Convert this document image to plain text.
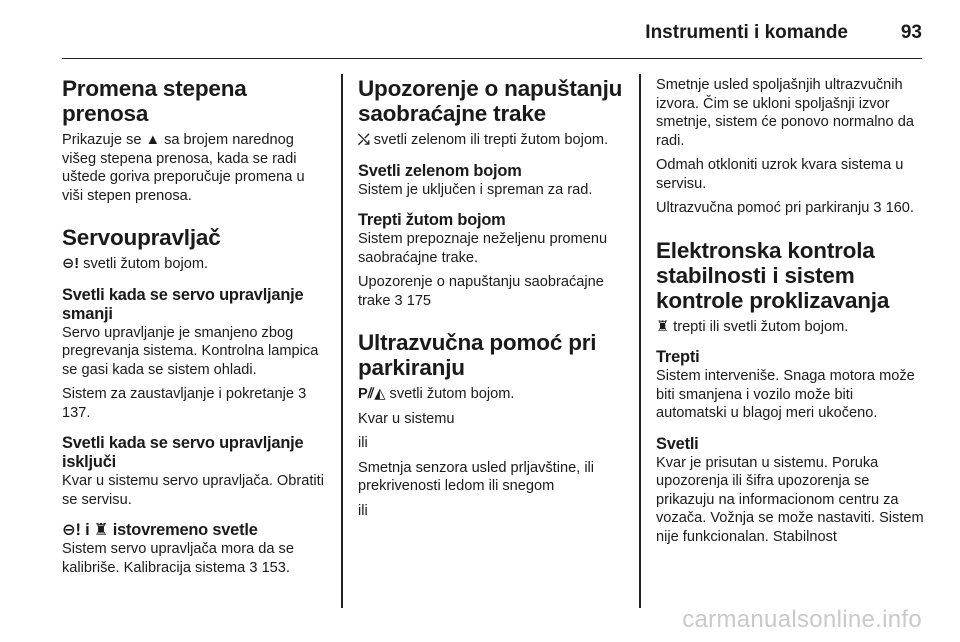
Instrumenti i komande	93
Promena stepena prenosa

Prikazuje se ▲ sa brojem narednog višeg stepena prenosa, kada se radi uštede goriva preporučuje promena u viši stepen prenosa.

Servoupravljač

⊖! svetli žutom bojom.

Svetli kada se servo upravljanje smanji

Servo upravljanje je smanjeno zbog pregrevanja sistema. Kontrolna lampica se gasi kada se sistem ohladi.

Sistem za zaustavljanje i pokretanje 3 137.

Svetli kada se servo upravljanje isključi

Kvar u sistemu servo upravljača. Obratiti se servisu.

⊖! i ♜ istovremeno svetle

Sistem servo upravljača mora da se kalibriše. Kalibracija sistema 3 153.

Upozorenje o napuštanju saobraćajne trake

⤯ svetli zelenom ili trepti žutom bojom.

Svetli zelenom bojom

Sistem je uključen i spreman za rad.

Trepti žutom bojom

Sistem prepoznaje neželjenu promenu saobraćajne trake.

Upozorenje o napuštanju saobraćajne trake 3 175

Ultrazvučna pomoć pri parkiranju

P⫽◭ svetli žutom bojom.

Kvar u sistemu

ili

Smetnja senzora usled prljavštine, ili prekrivenosti ledom ili snegom

ili

Smetnje usled spoljašnjih ultrazvučnih izvora. Čim se ukloni spoljašnji izvor smetnje, sistem će ponovo normalno da radi.

Odmah otkloniti uzrok kvara sistema u servisu.

Ultrazvučna pomoć pri parkiranju 3 160.

Elektronska kontrola stabilnosti i sistem kontrole proklizavanja

♜ trepti ili svetli žutom bojom.

Trepti

Sistem interveniše. Snaga motora može biti smanjena i vozilo može biti automatski u blagoj meri ukočeno.

Svetli

Kvar je prisutan u sistemu. Poruka upozorenja ili šifra upozorenja se prikazuju na informacionom centru za vozača. Vožnja se može nastaviti. Sistem nije funkcionalan. Stabilnost

carmanualsonline.info
